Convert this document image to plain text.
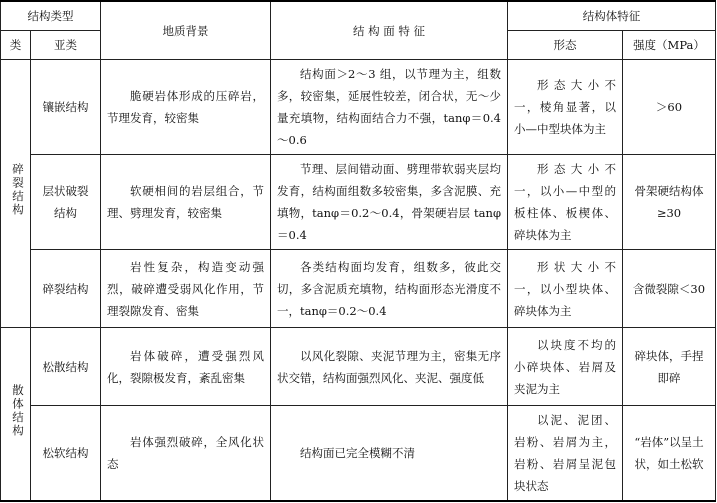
结构类型		地质背景	结 构 面 特 征	结构体特征	
类	亚类			形态	强度（MPa）
碎裂结构	镶嵌结构	脆硬岩体形成的压碎岩，节理发育，较密集	结构面＞2～3 组，以节理为主，组数多，较密集，延展性较差，闭合状，无～少量充填物，结构面结合力不强，tanφ＝0.4～0.6	形态大小不一，棱角显著，以小—中型块体为主	＞60
	层状破裂结构	软硬相间的岩层组合，节理、劈理发育，较密集	节理、层间错动面、劈理带软弱夹层均发育，结构面组数多较密集，多含泥膜、充填物，tanφ＝0.2～0.4，骨架硬岩层 tanφ＝0.4	形态大小不一，以小—中型的板柱体、板楔体、碎块体为主	骨架硬结构体≥30
	碎裂结构	岩性复杂，构造变动强烈，破碎遭受弱风化作用，节理裂隙发育、密集	各类结构面均发育，组数多，彼此交切，多含泥质充填物，结构面形态光滑度不一，tanφ＝0.2～0.4	形状大小不一，以小型块体、碎块体为主	含微裂隙＜30
散体结构	松散结构	岩体破碎，遭受强烈风化，裂隙极发育，紊乱密集	以风化裂隙、夹泥节理为主，密集无序状交错，结构面强烈风化、夹泥、强度低	以块度不均的小碎块体、岩屑及夹泥为主	碎块体，手捏即碎
	松软结构	岩体强烈破碎，全风化状态	结构面已完全模糊不清	以泥、泥团、岩粉、岩屑为主，岩粉、岩屑呈泥包块状态	“岩体”以呈土状，如土松软
